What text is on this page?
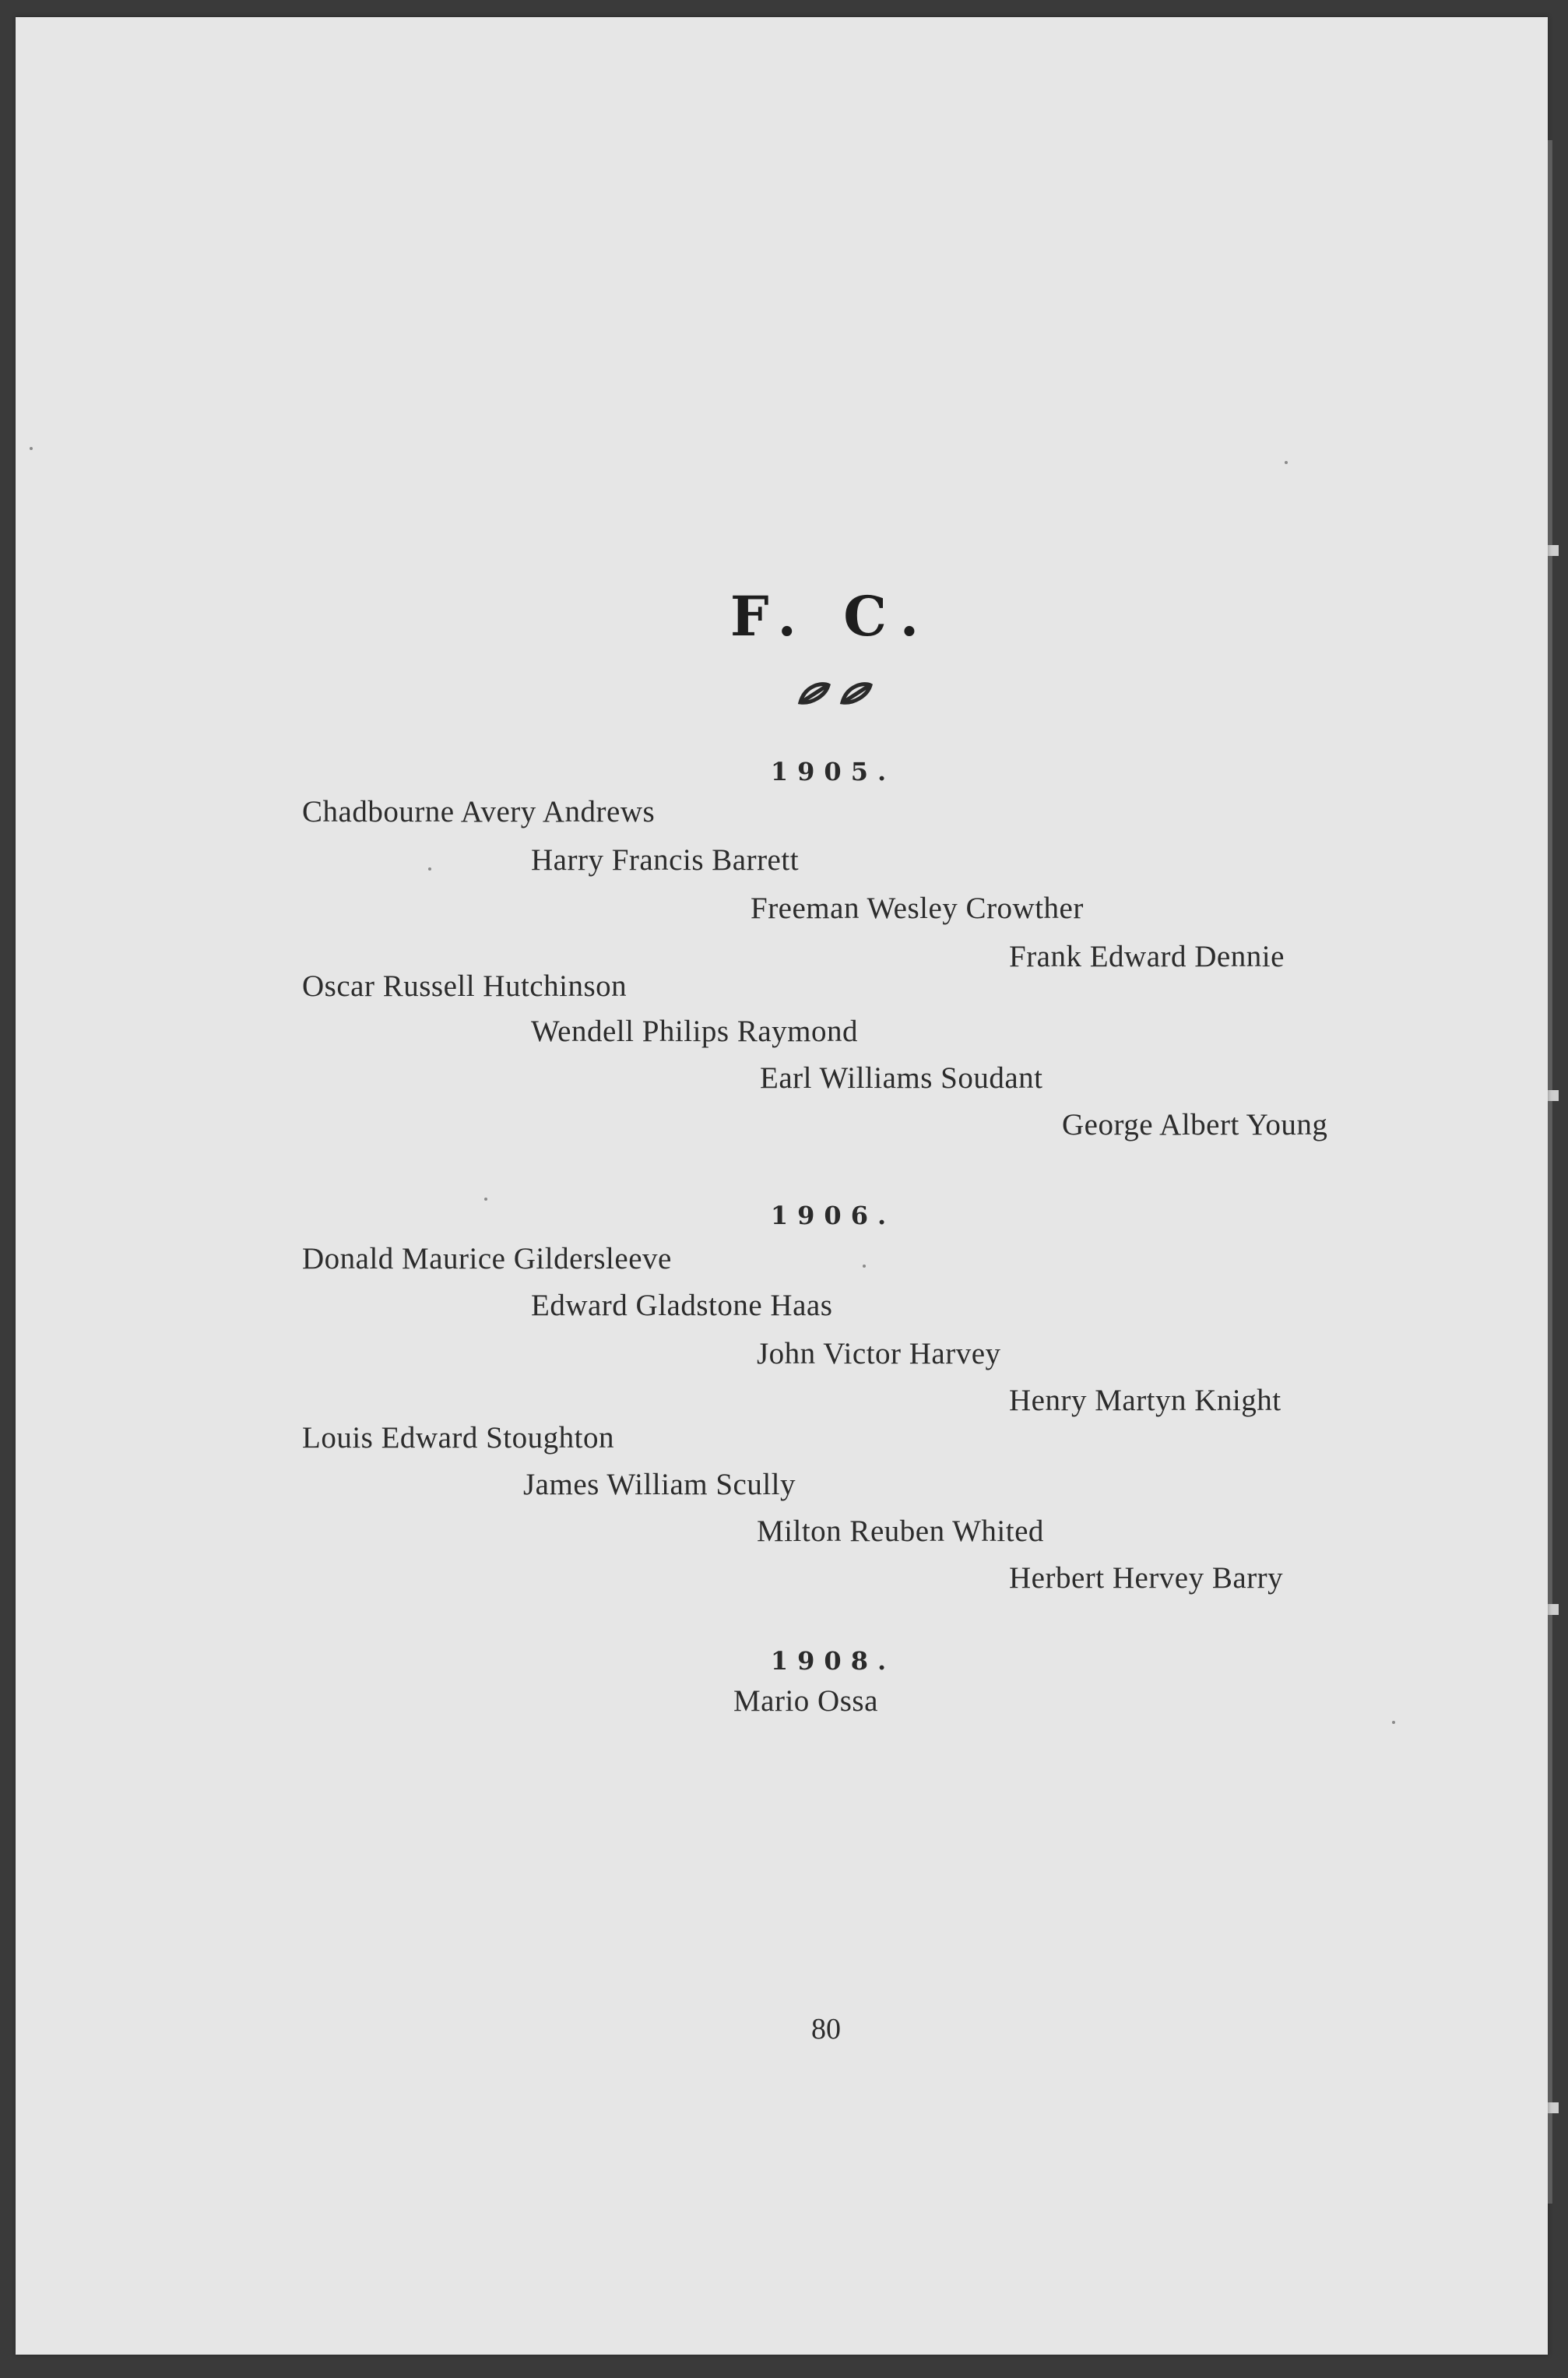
F. C.
1905.
Chadbourne Avery Andrews
Harry Francis Barrett
Freeman Wesley Crowther
Frank Edward Dennie
Oscar Russell Hutchinson
Wendell Philips Raymond
Earl Williams Soudant
George Albert Young
1906.
Donald Maurice Gildersleeve
Edward Gladstone Haas
John Victor Harvey
Henry Martyn Knight
Louis Edward Stoughton
James William Scully
Milton Reuben Whited
Herbert Hervey Barry
1908.
Mario Ossa
80
